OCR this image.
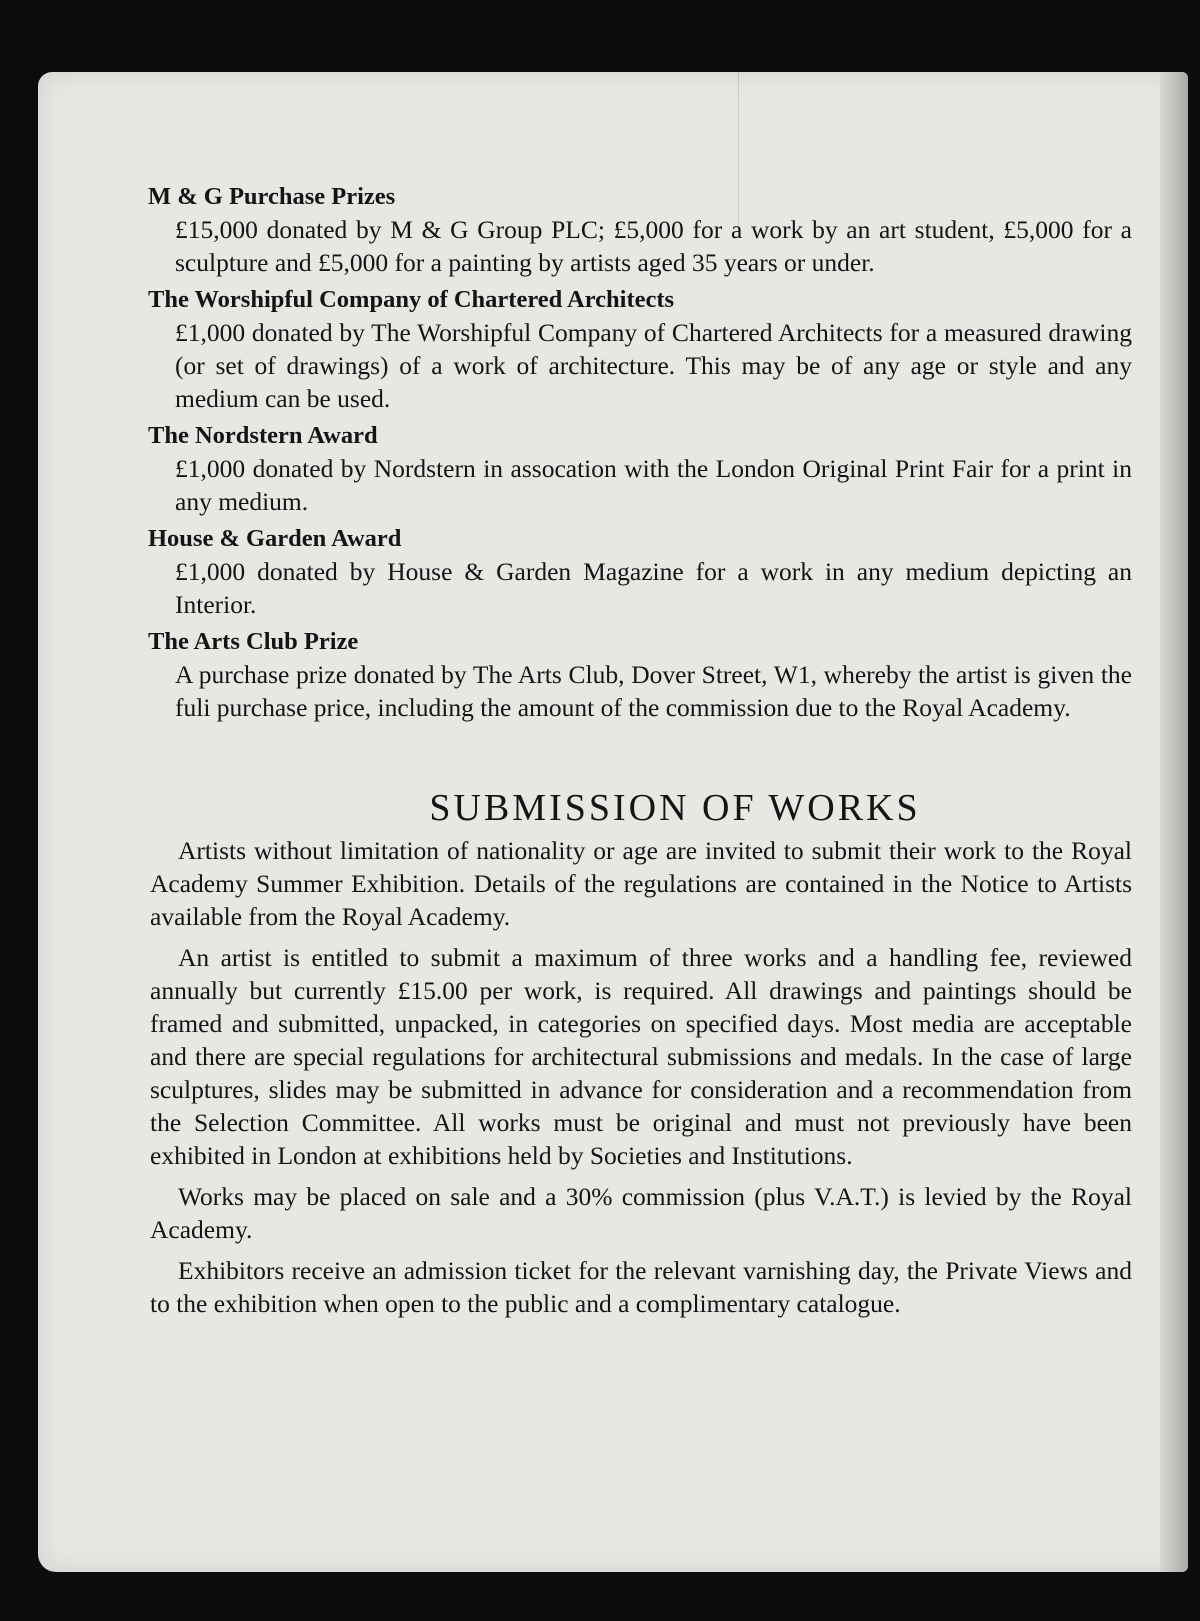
M & G Purchase Prizes

£15,000 donated by M & G Group PLC; £5,000 for a work by an art student, £5,000 for a sculpture and £5,000 for a painting by artists aged 35 years or under.

The Worshipful Company of Chartered Architects

£1,000 donated by The Worshipful Company of Chartered Architects for a measured drawing (or set of drawings) of a work of architecture. This may be of any age or style and any medium can be used.

The Nordstern Award

£1,000 donated by Nordstern in assocation with the London Original Print Fair for a print in any medium.

House & Garden Award

£1,000 donated by House & Garden Magazine for a work in any medium depicting an Interior.

The Arts Club Prize

A purchase prize donated by The Arts Club, Dover Street, W1, whereby the artist is given the fuli purchase price, including the amount of the commission due to the Royal Academy.

SUBMISSION OF WORKS

Artists without limitation of nationality or age are invited to submit their work to the Royal Academy Summer Exhibition. Details of the regulations are contained in the Notice to Artists available from the Royal Academy.

An artist is entitled to submit a maximum of three works and a handling fee, reviewed annually but currently £15.00 per work, is required. All drawings and paintings should be framed and submitted, unpacked, in categories on specified days. Most media are acceptable and there are special regulations for architectural submissions and medals. In the case of large sculptures, slides may be submitted in advance for consideration and a recommendation from the Selection Committee. All works must be original and must not previously have been exhibited in London at exhibitions held by Societies and Institutions.

Works may be placed on sale and a 30% commission (plus V.A.T.) is levied by the Royal Academy.

Exhibitors receive an admission ticket for the relevant varnishing day, the Private Views and to the exhibition when open to the public and a complimentary catalogue.
